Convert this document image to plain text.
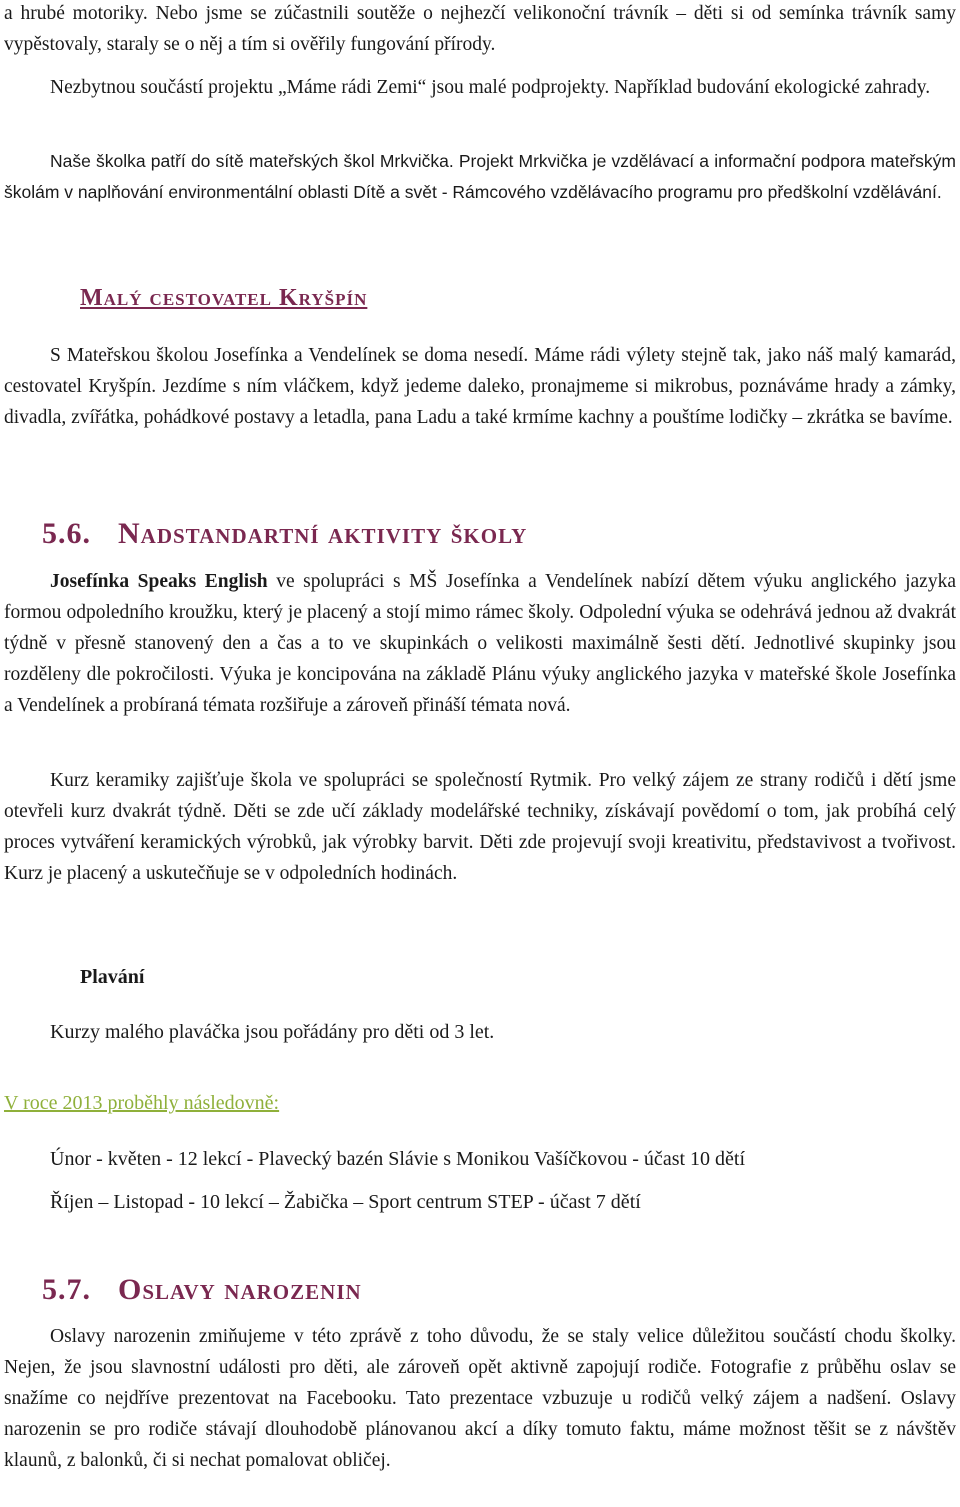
a hrubé motoriky. Nebo jsme se zúčastnili soutěže o nejhezčí velikonoční trávník – děti si od semínka trávník samy vypěstovaly, staraly se o něj a tím si ověřily fungování přírody.

Nezbytnou součástí projektu „Máme rádi Zemi“ jsou malé podprojekty. Například budování ekologické zahrady.

Naše školka patří do sítě mateřských škol Mrkvička. Projekt Mrkvička je vzdělávací a informační podpora mateřským školám v naplňování environmentální oblasti Dítě a svět - Rámcového vzdělávacího programu pro předškolní vzdělávání.

Malý cestovatel Kryšpín

S Mateřskou školou Josefínka a Vendelínek se doma nesedí. Máme rádi výlety stejně tak, jako náš malý kamarád, cestovatel Kryšpín. Jezdíme s ním vláčkem, když jedeme daleko, pronajmeme si mikrobus, poznáváme hrady a zámky, divadla, zvířátka, pohádkové postavy a letadla, pana Ladu a také krmíme kachny a pouštíme lodičky – zkrátka se bavíme.

5.6. Nadstandartní aktivity školy

Josefínka Speaks English ve spolupráci s MŠ Josefínka a Vendelínek nabízí dětem výuku anglického jazyka formou odpoledního kroužku, který je placený a stojí mimo rámec školy. Odpolední výuka se odehrává jednou až dvakrát týdně v přesně stanovený den a čas a to ve skupinkách o velikosti maximálně šesti dětí. Jednotlivé skupinky jsou rozděleny dle pokročilosti. Výuka je koncipována na základě Plánu výuky anglického jazyka v mateřské škole Josefínka a Vendelínek a probíraná témata rozšiřuje a zároveň přináší témata nová.

Kurz keramiky zajišťuje škola ve spolupráci se společností Rytmik. Pro velký zájem ze strany rodičů i dětí jsme otevřeli kurz dvakrát týdně. Děti se zde učí základy modelářské techniky, získávají povědomí o tom, jak probíhá celý proces vytváření keramických výrobků, jak výrobky barvit. Děti zde projevují svoji kreativitu, představivost a tvořivost. Kurz je placený a uskutečňuje se v odpoledních hodinách.

Plavání

Kurzy malého plaváčka jsou pořádány pro děti od 3 let.

V roce 2013 proběhly následovně:

Únor - květen - 12 lekcí - Plavecký bazén Slávie s Monikou Vašíčkovou - účast 10 dětí

Říjen – Listopad - 10 lekcí – Žabička – Sport centrum STEP - účast 7 dětí

5.7. Oslavy narozenin

Oslavy narozenin zmiňujeme v této zprávě z toho důvodu, že se staly velice důležitou součástí chodu školky. Nejen, že jsou slavnostní události pro děti, ale zároveň opět aktivně zapojují rodiče. Fotografie z průběhu oslav se snažíme co nejdříve prezentovat na Facebooku. Tato prezentace vzbuzuje u rodičů velký zájem a nadšení. Oslavy narozenin se pro rodiče stávají dlouhodobě plánovanou akcí a díky tomuto faktu, máme možnost těšit se z návštěv klaunů, z balonků, či si nechat pomalovat obličej.
